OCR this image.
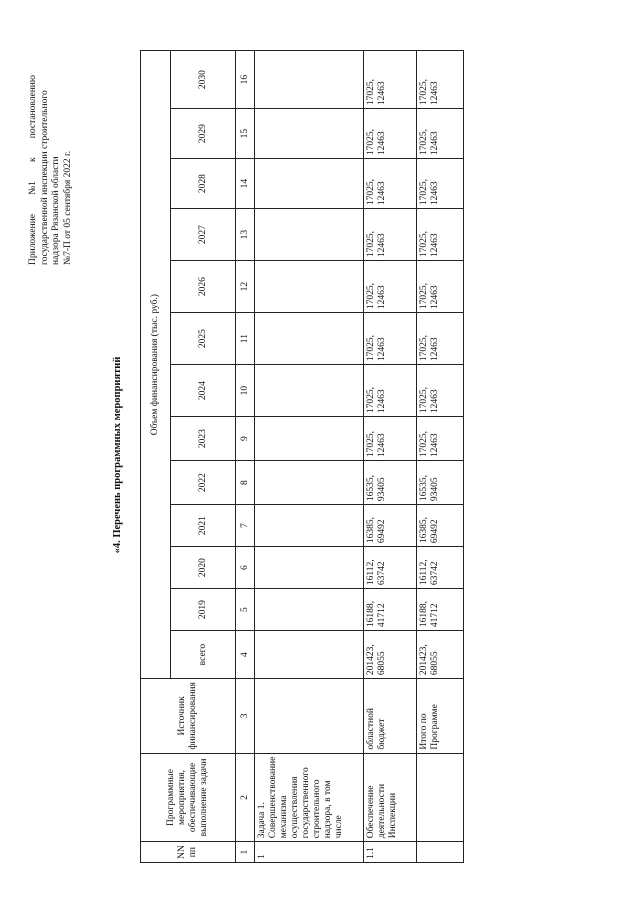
Приложение
№1
к
постановлению государственной инспекции строительного надзора Рязанской области №7-П от 05 сентября 2022 г.
«4. Перечень программных мероприятий
NN пп	Программные мероприятия, обеспечивающие выполнение задачи	Источник финансирования	Объем финансирования (тыс. руб.)												
			всего	2019	2020	2021	2022	2023	2024	2025	2026	2027	2028	2029	2030
1	2	3	4	5	6	7	8	9	10	11	12	13	14	15	16
1	Задача 1. Совершенствование механизма осуществления государственного строительного надзора, в том числе														
1.1	Обеспечение деятельности Инспекции	областной бюджет	201423, 68055	16188, 41712	16112, 63742	16385, 69492	16535, 93405	17025, 12463	17025, 12463	17025, 12463	17025, 12463	17025, 12463	17025, 12463	17025, 12463	17025, 12463
		Итого по Программе	201423, 68055	16188, 41712	16112, 63742	16385, 69492	16535, 93405	17025, 12463	17025, 12463	17025, 12463	17025, 12463	17025, 12463	17025, 12463	17025, 12463	17025, 12463
